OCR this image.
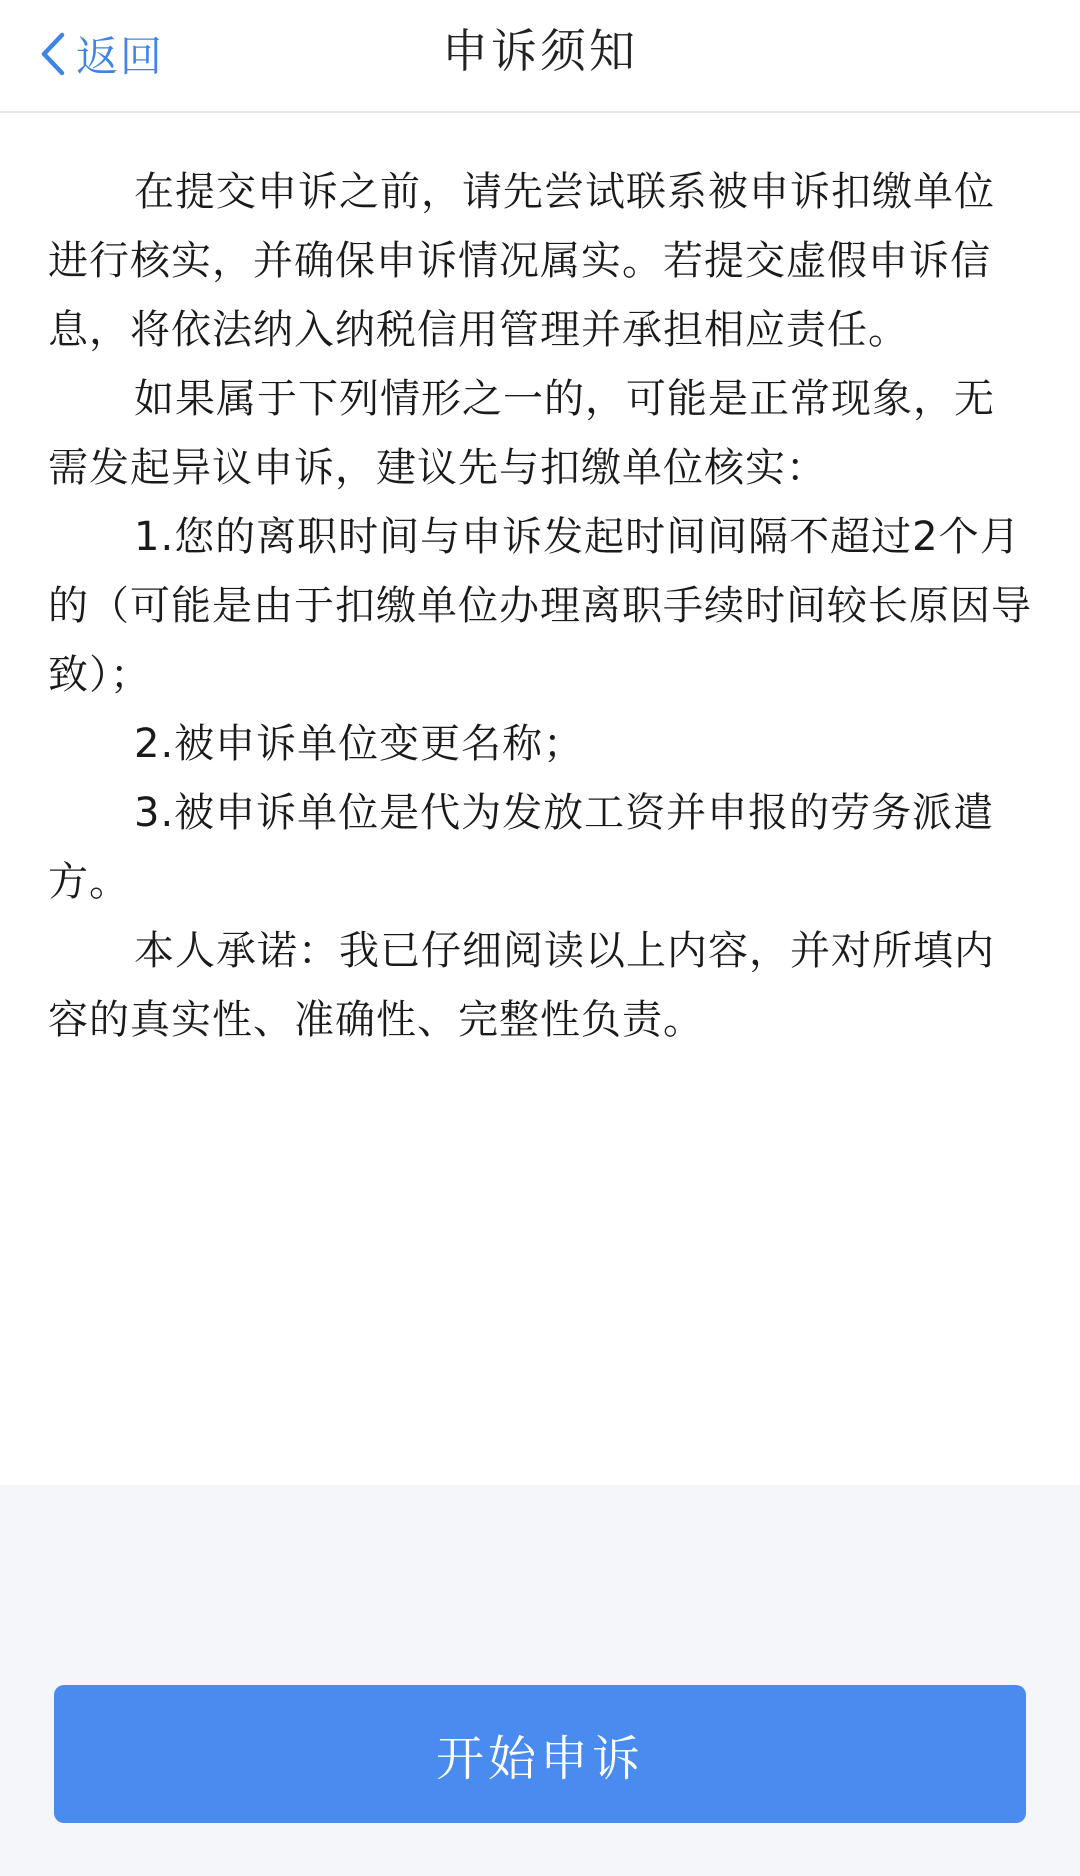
返回	申诉须知

在提交申诉之前，请先尝试联系被申诉扣缴单位进行核实，并确保申诉情况属实。若提交虚假申诉信息，将依法纳入纳税信用管理并承担相应责任。

如果属于下列情形之一的，可能是正常现象，无需发起异议申诉，建议先与扣缴单位核实：

1.您的离职时间与申诉发起时间间隔不超过2个月的（可能是由于扣缴单位办理离职手续时间较长原因导致）；

2.被申诉单位变更名称；

3.被申诉单位是代为发放工资并申报的劳务派遣方。

本人承诺：我已仔细阅读以上内容，并对所填内容的真实性、准确性、完整性负责。

开始申诉
